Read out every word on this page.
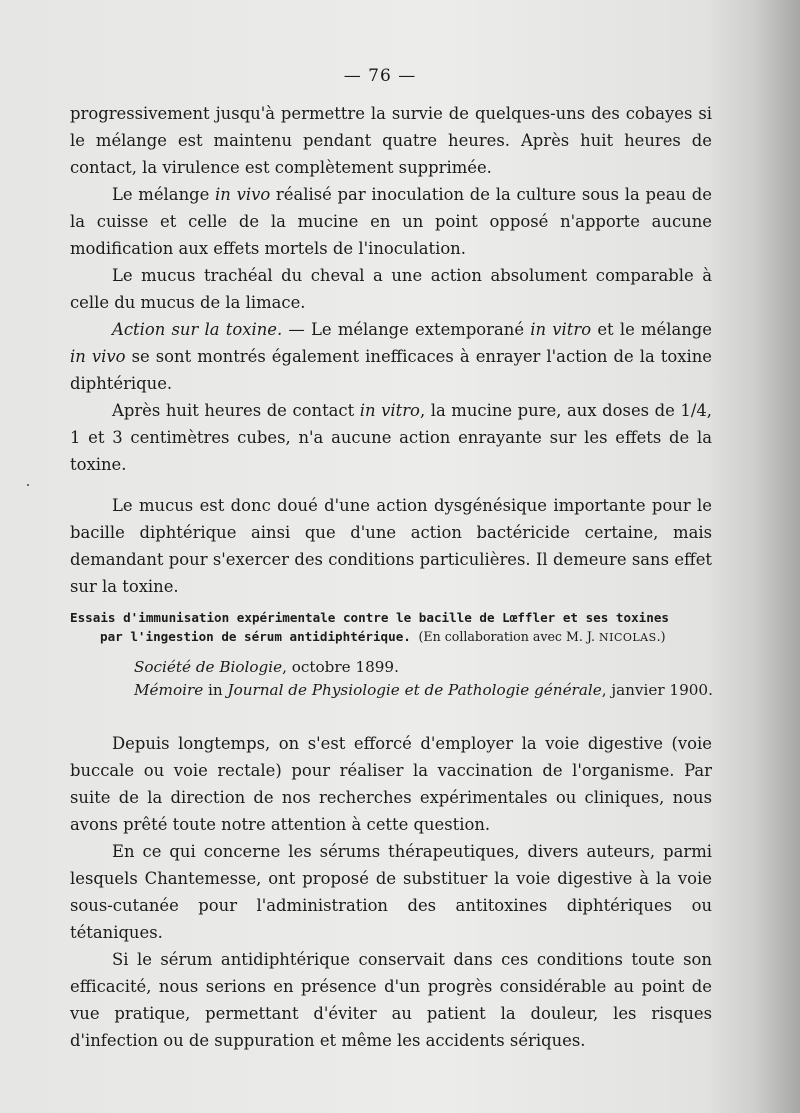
— 76 —

progressivement jusqu'à permettre la survie de quelques-uns des cobayes si le mélange est maintenu pendant quatre heures. Après huit heures de contact, la virulence est complètement supprimée.

Le mélange in vivo réalisé par inoculation de la culture sous la peau de la cuisse et celle de la mucine en un point opposé n'apporte aucune modification aux effets mortels de l'inoculation.

Le mucus trachéal du cheval a une action absolument comparable à celle du mucus de la limace.

Action sur la toxine. — Le mélange extemporané in vitro et le mélange in vivo se sont montrés également inefficaces à enrayer l'action de la toxine diphtérique.

Après huit heures de contact in vitro, la mucine pure, aux doses de 1/4, 1 et 3 centimètres cubes, n'a aucune action enrayante sur les effets de la toxine.

Le mucus est donc doué d'une action dysgénésique importante pour le bacille diphtérique ainsi que d'une action bactéricide certaine, mais demandant pour s'exercer des conditions particulières. Il demeure sans effet sur la toxine.

Essais d'immunisation expérimentale contre le bacille de Lœffler et ses toxines
par l'ingestion de sérum antidiphtérique. (En collaboration avec M. J. NICOLAS.)

Société de Biologie, octobre 1899.

Mémoire in Journal de Physiologie et de Pathologie générale, janvier 1900.

Depuis longtemps, on s'est efforcé d'employer la voie digestive (voie buccale ou voie rectale) pour réaliser la vaccination de l'organisme. Par suite de la direction de nos recherches expérimentales ou cliniques, nous avons prêté toute notre attention à cette question.

En ce qui concerne les sérums thérapeutiques, divers auteurs, parmi lesquels Chantemesse, ont proposé de substituer la voie digestive à la voie sous-cutanée pour l'administration des antitoxines diphtériques ou tétaniques.

Si le sérum antidiphtérique conservait dans ces conditions toute son efficacité, nous serions en présence d'un progrès considérable au point de vue pratique, permettant d'éviter au patient la douleur, les risques d'infection ou de suppuration et même les accidents sériques.
